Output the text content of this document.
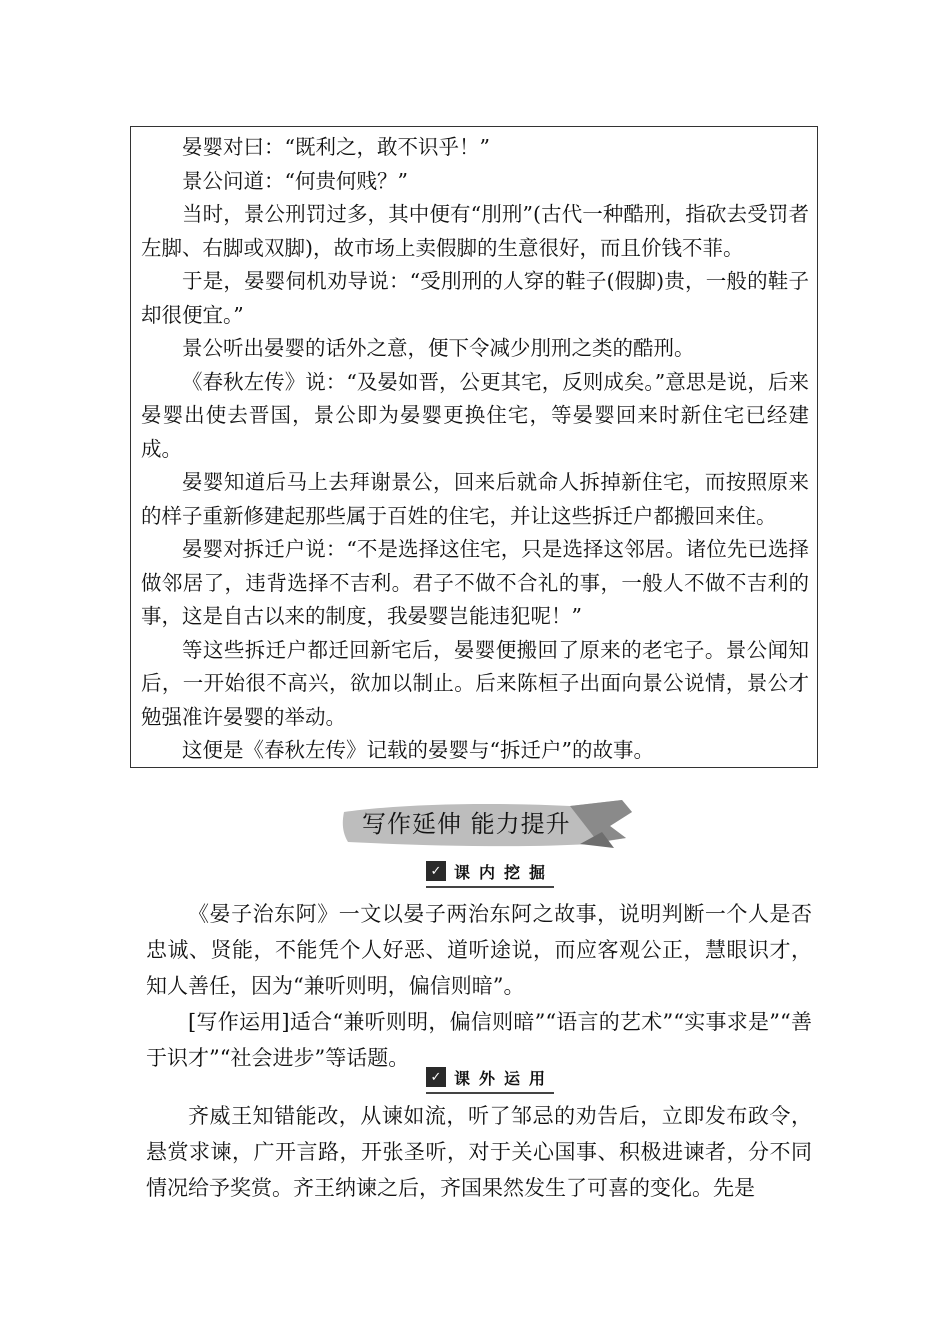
晏婴对曰：“既利之，敢不识乎！”

景公问道：“何贵何贱？”

当时，景公刑罚过多，其中便有“刖刑”(古代一种酷刑，指砍去受罚者左脚、右脚或双脚)，故市场上卖假脚的生意很好，而且价钱不菲。

于是，晏婴伺机劝导说：“受刖刑的人穿的鞋子(假脚)贵，一般的鞋子却很便宜。”

景公听出晏婴的话外之意，便下令减少刖刑之类的酷刑。

《春秋左传》说：“及晏如晋，公更其宅，反则成矣。”意思是说，后来晏婴出使去晋国，景公即为晏婴更换住宅，等晏婴回来时新住宅已经建成。

晏婴知道后马上去拜谢景公，回来后就命人拆掉新住宅，而按照原来的样子重新修建起那些属于百姓的住宅，并让这些拆迁户都搬回来住。

晏婴对拆迁户说：“不是选择这住宅，只是选择这邻居。诸位先已选择做邻居了，违背选择不吉利。君子不做不合礼的事，一般人不做不吉利的事，这是自古以来的制度，我晏婴岂能违犯呢！”

等这些拆迁户都迁回新宅后，晏婴便搬回了原来的老宅子。景公闻知后，一开始很不高兴，欲加以制止。后来陈桓子出面向景公说情，景公才勉强准许晏婴的举动。

这便是《春秋左传》记载的晏婴与“拆迁户”的故事。

写作延伸 能力提升
✓ 课内挖掘

《晏子治东阿》一文以晏子两治东阿之故事，说明判断一个人是否忠诚、贤能，不能凭个人好恶、道听途说，而应客观公正，慧眼识才，知人善任，因为“兼听则明，偏信则暗”。

[写作运用]适合“兼听则明，偏信则暗”“语言的艺术”“实事求是”“善于识才”“社会进步”等话题。

✓ 课外运用

齐威王知错能改，从谏如流，听了邹忌的劝告后，立即发布政令，悬赏求谏，广开言路，开张圣听，对于关心国事、积极进谏者，分不同情况给予奖赏。齐王纳谏之后，齐国果然发生了可喜的变化。先是
